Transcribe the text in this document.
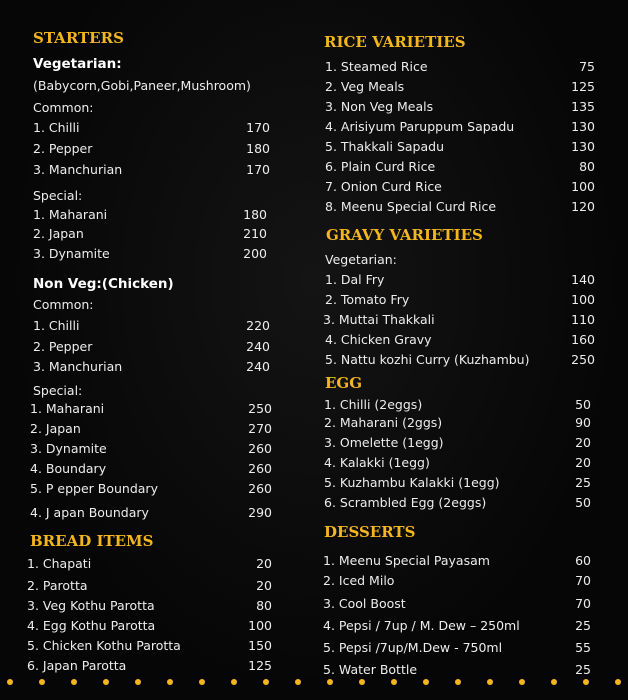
STARTERS
Vegetarian:
(Babycorn,Gobi,Paneer,Mushroom)
Common:
1. Chilli	170
2. Pepper	180
3. Manchurian	170
Special:
1. Maharani	180
2. Japan	210
3. Dynamite	200
Non Veg:(Chicken)
Common:
1. Chilli	220
2. Pepper	240
3. Manchurian	240
Special:
1. Maharani	250
2. Japan	270
3. Dynamite	260
4. Boundary	260
5. P epper Boundary	260
4. J apan Boundary	290
BREAD ITEMS
1. Chapati	20
2. Parotta	20
3. Veg Kothu Parotta	80
4. Egg Kothu Parotta	100
5. Chicken Kothu Parotta	150
6. Japan Parotta	125
RICE VARIETIES
1. Steamed Rice	75
2. Veg Meals	125
3. Non Veg Meals	135
4. Arisiyum Paruppum Sapadu	130
5. Thakkali Sapadu	130
6. Plain Curd Rice	80
7. Onion Curd Rice	100
8. Meenu Special Curd Rice	120
GRAVY VARIETIES
Vegetarian:
1. Dal Fry	140
2. Tomato Fry	100
3. Muttai Thakkali	110
4. Chicken Gravy	160
5. Nattu kozhi Curry (Kuzhambu)	250
EGG
1. Chilli (2eggs)	50
2. Maharani (2ggs)	90
3. Omelette (1egg)	20
4. Kalakki (1egg)	20
5. Kuzhambu Kalakki (1egg)	25
6. Scrambled Egg (2eggs)	50
DESSERTS
1. Meenu Special Payasam	60
2. Iced Milo	70
3. Cool Boost	70
4. Pepsi / 7up / M. Dew – 250ml	25
5. Pepsi /7up/M.Dew - 750ml	55
5. Water Bottle	25
